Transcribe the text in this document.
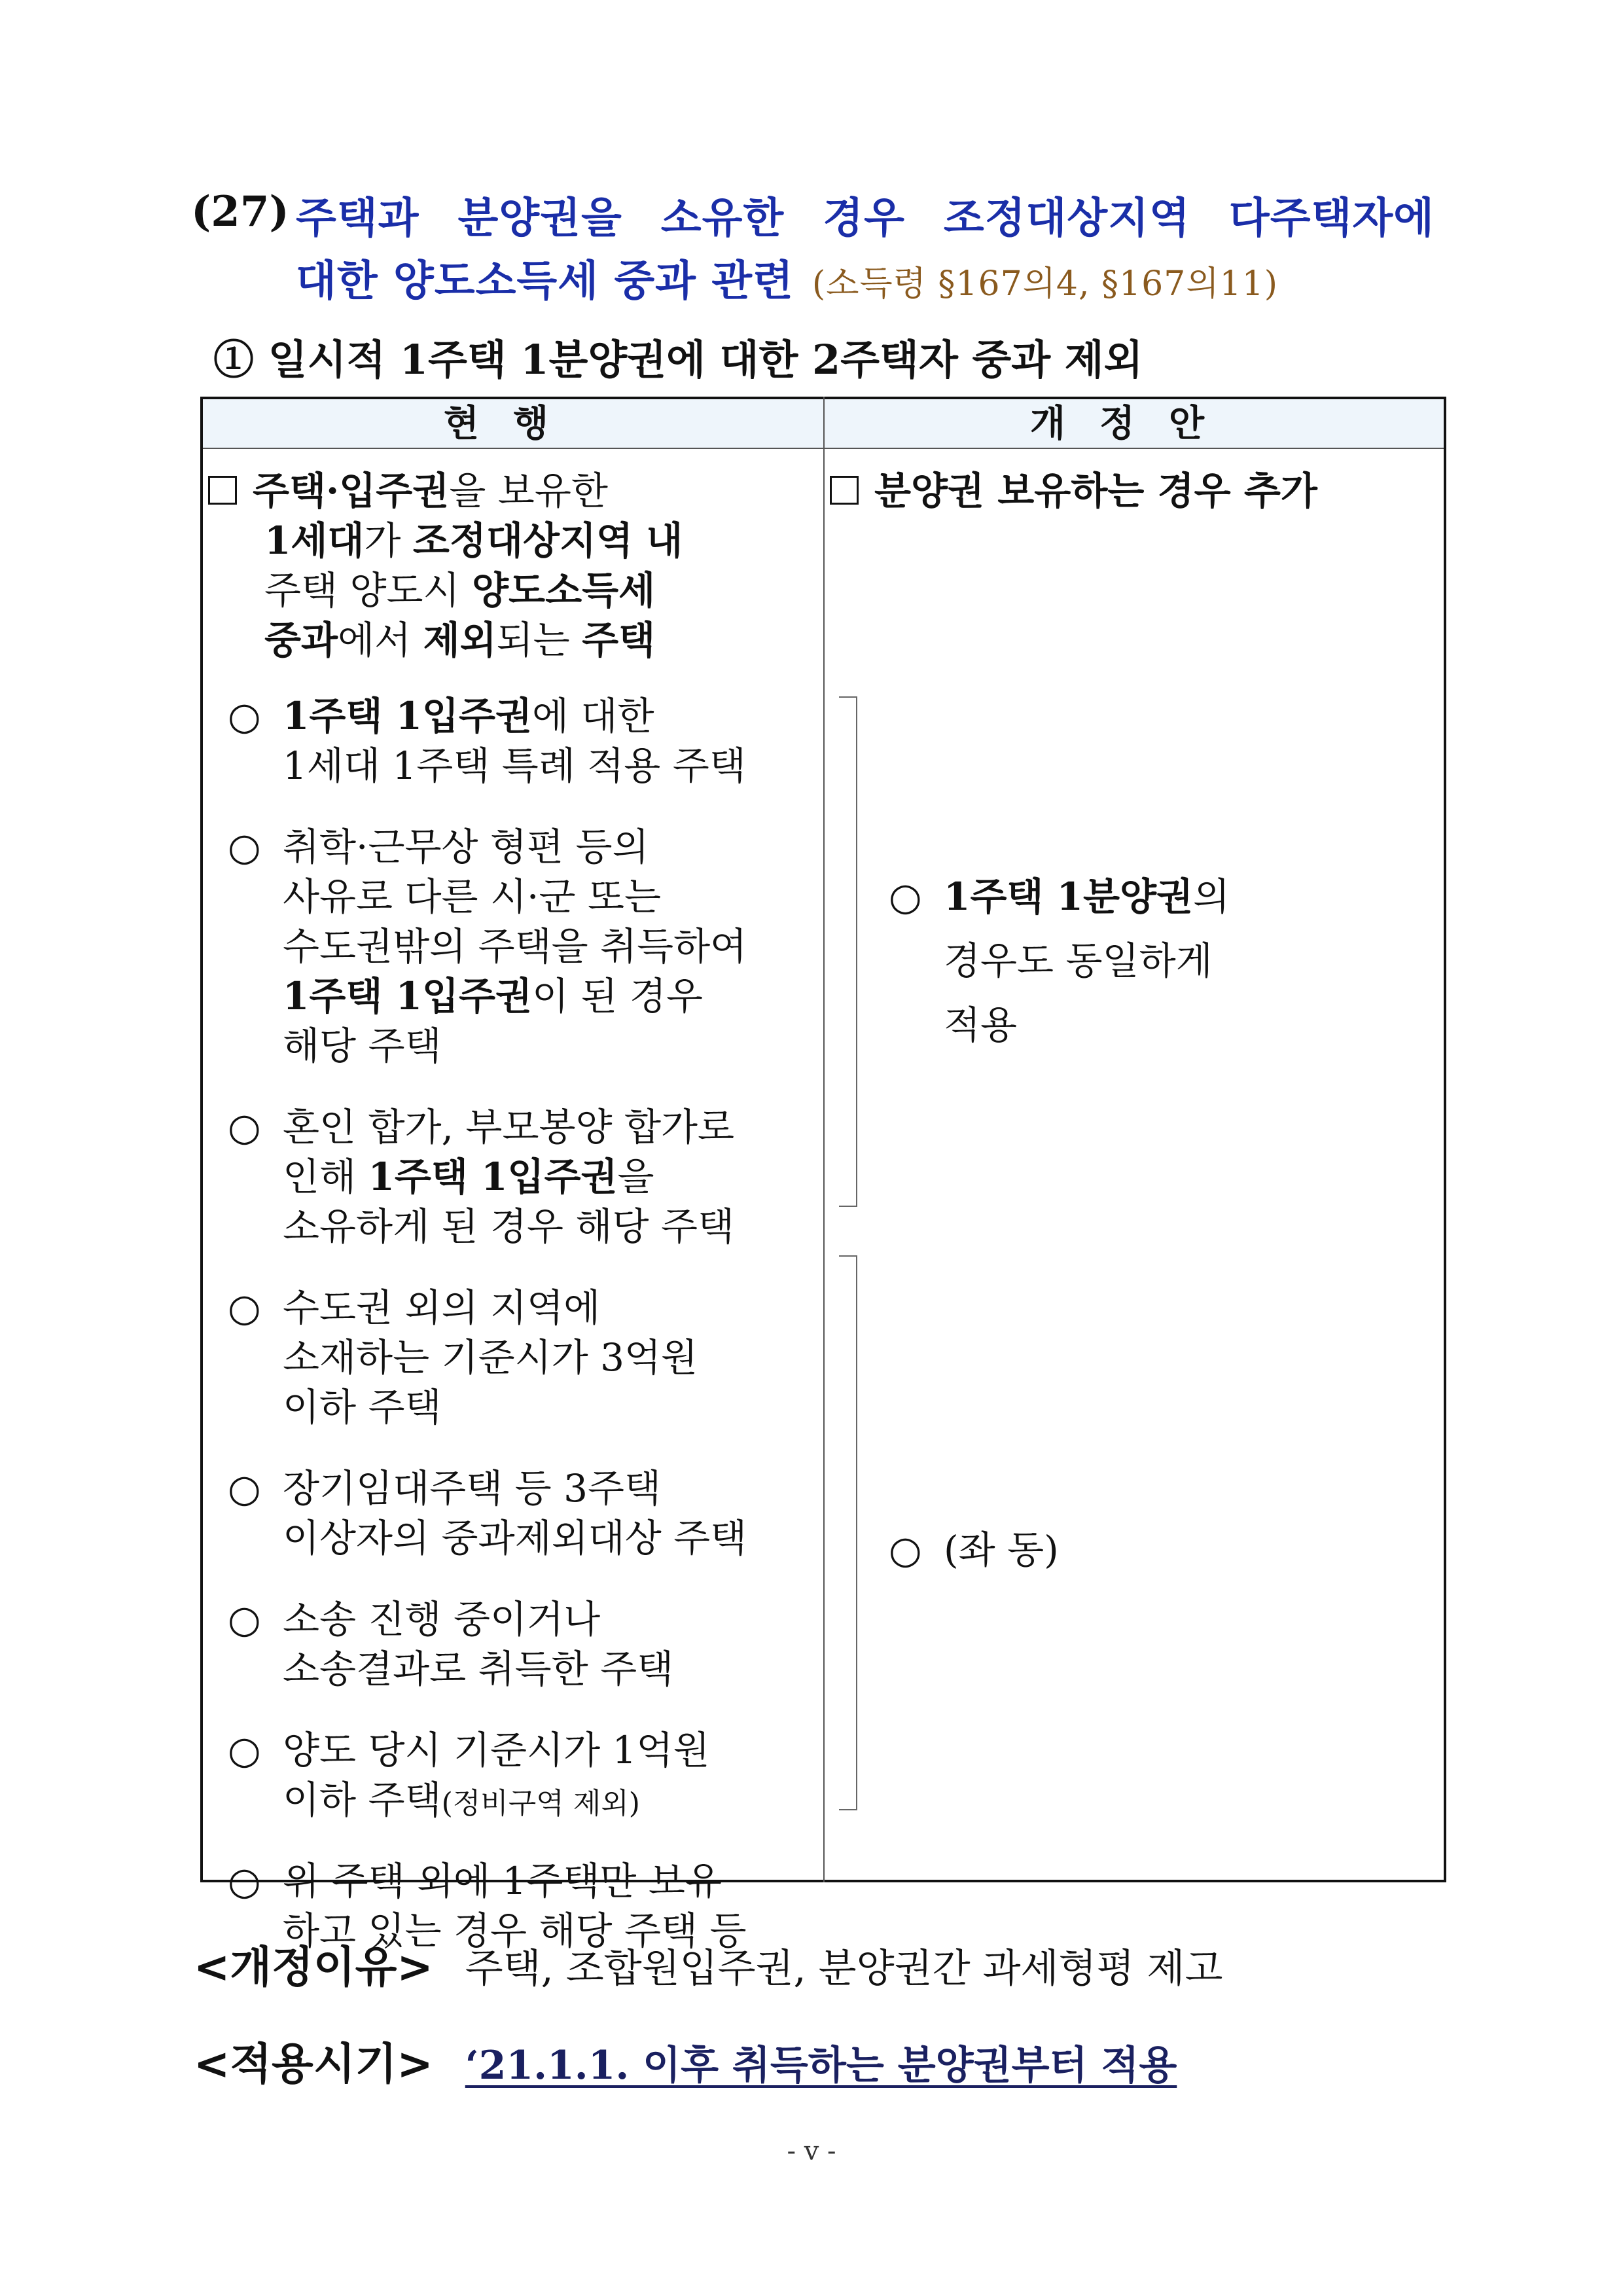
(27) 주택과 분양권을 소유한 경우 조정대상지역 다주택자에
대한 양도소득세 중과 관련 (소득령 §167의4, §167의11)
① 일시적 1주택 1분양권에 대한 2주택자 중과 제외
현행	개정안
주택·입주권을 보유한
1세대가 조정대상지역 내
주택 양도시 양도소득세
중과에서 제외되는 주택
○ 1주택 1입주권에 대한
1세대 1주택 특례 적용 주택
○ 취학·근무상 형편 등의
사유로 다른 시·군 또는
수도권밖의 주택을 취득하여
1주택 1입주권이 된 경우
해당 주택
○ 혼인 합가, 부모봉양 합가로
인해 1주택 1입주권을
소유하게 된 경우 해당 주택
○ 수도권 외의 지역에
소재하는 기준시가 3억원
이하 주택
○ 장기임대주택 등 3주택
이상자의 중과제외대상 주택
○ 소송 진행 중이거나
소송결과로 취득한 주택
○ 양도 당시 기준시가 1억원
이하 주택(정비구역 제외)
○ 위 주택 외에 1주택만 보유
하고 있는 경우 해당 주택 등
분양권 보유하는 경우 추가
○ 1주택 1분양권의
경우도 동일하게
적용
○ (좌 동)
<개정이유> 주택, 조합원입주권, 분양권간 과세형평 제고
<적용시기> ‘21.1.1. 이후 취득하는 분양권부터 적용
- v -
